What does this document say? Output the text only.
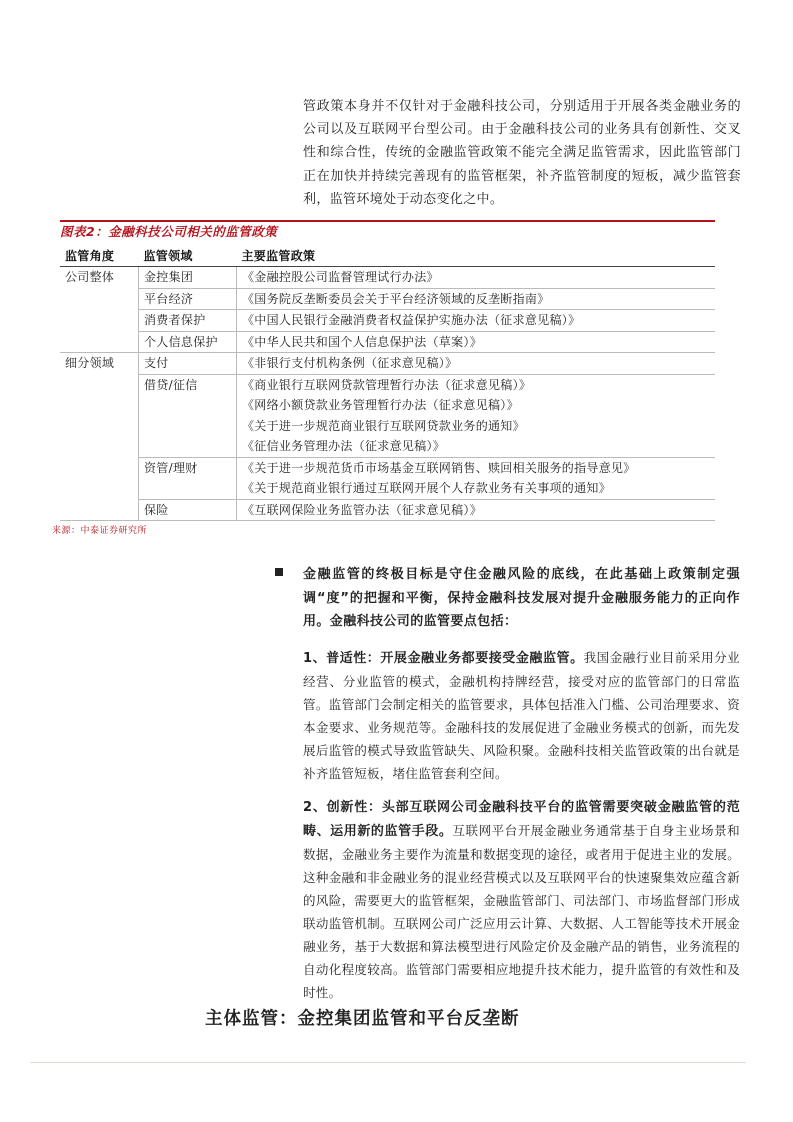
管政策本身并不仅针对于金融科技公司，分别适用于开展各类金融业务的公司以及互联网平台型公司。由于金融科技公司的业务具有创新性、交叉性和综合性，传统的金融监管政策不能完全满足监管需求，因此监管部门正在加快并持续完善现有的监管框架，补齐监管制度的短板，减少监管套利，监管环境处于动态变化之中。

图表2：金融科技公司相关的监管政策
监管角度	监管领域	主要监管政策
公司整体	金控集团	《金融控股公司监督管理试行办法》

	平台经济	《国务院反垄断委员会关于平台经济领域的反垄断指南》

	消费者保护	《中国人民银行金融消费者权益保护实施办法（征求意见稿）》

	个人信息保护	《中华人民共和国个人信息保护法（草案）》

细分领域	支付	《非银行支付机构条例（征求意见稿）》

	借贷/征信	《商业银行互联网贷款管理暂行办法（征求意见稿）》
《网络小额贷款业务管理暂行办法（征求意见稿）》
《关于进一步规范商业银行互联网贷款业务的通知》
《征信业务管理办法（征求意见稿）》

	资管/理财	《关于进一步规范货币市场基金互联网销售、赎回相关服务的指导意见》
《关于规范商业银行通过互联网开展个人存款业务有关事项的通知》

	保险	《互联网保险业务监管办法（征求意见稿）》
来源：中泰证券研究所

金融监管的终极目标是守住金融风险的底线，在此基础上政策制定强调“度”的把握和平衡，保持金融科技发展对提升金融服务能力的正向作用。金融科技公司的监管要点包括：

1、普适性：开展金融业务都要接受金融监管。我国金融行业目前采用分业经营、分业监管的模式，金融机构持牌经营，接受对应的监管部门的日常监管。监管部门会制定相关的监管要求，具体包括准入门槛、公司治理要求、资本金要求、业务规范等。金融科技的发展促进了金融业务模式的创新，而先发展后监管的模式导致监管缺失、风险积聚。金融科技相关监管政策的出台就是补齐监管短板，堵住监管套利空间。

2、创新性：头部互联网公司金融科技平台的监管需要突破金融监管的范畴、运用新的监管手段。互联网平台开展金融业务通常基于自身主业场景和数据，金融业务主要作为流量和数据变现的途径，或者用于促进主业的发展。这种金融和非金融业务的混业经营模式以及互联网平台的快速聚集效应蕴含新的风险，需要更大的监管框架，金融监管部门、司法部门、市场监督部门形成联动监管机制。互联网公司广泛应用云计算、大数据、人工智能等技术开展金融业务，基于大数据和算法模型进行风险定价及金融产品的销售，业务流程的自动化程度较高。监管部门需要相应地提升技术能力，提升监管的有效性和及时性。

主体监管：金控集团监管和平台反垄断
